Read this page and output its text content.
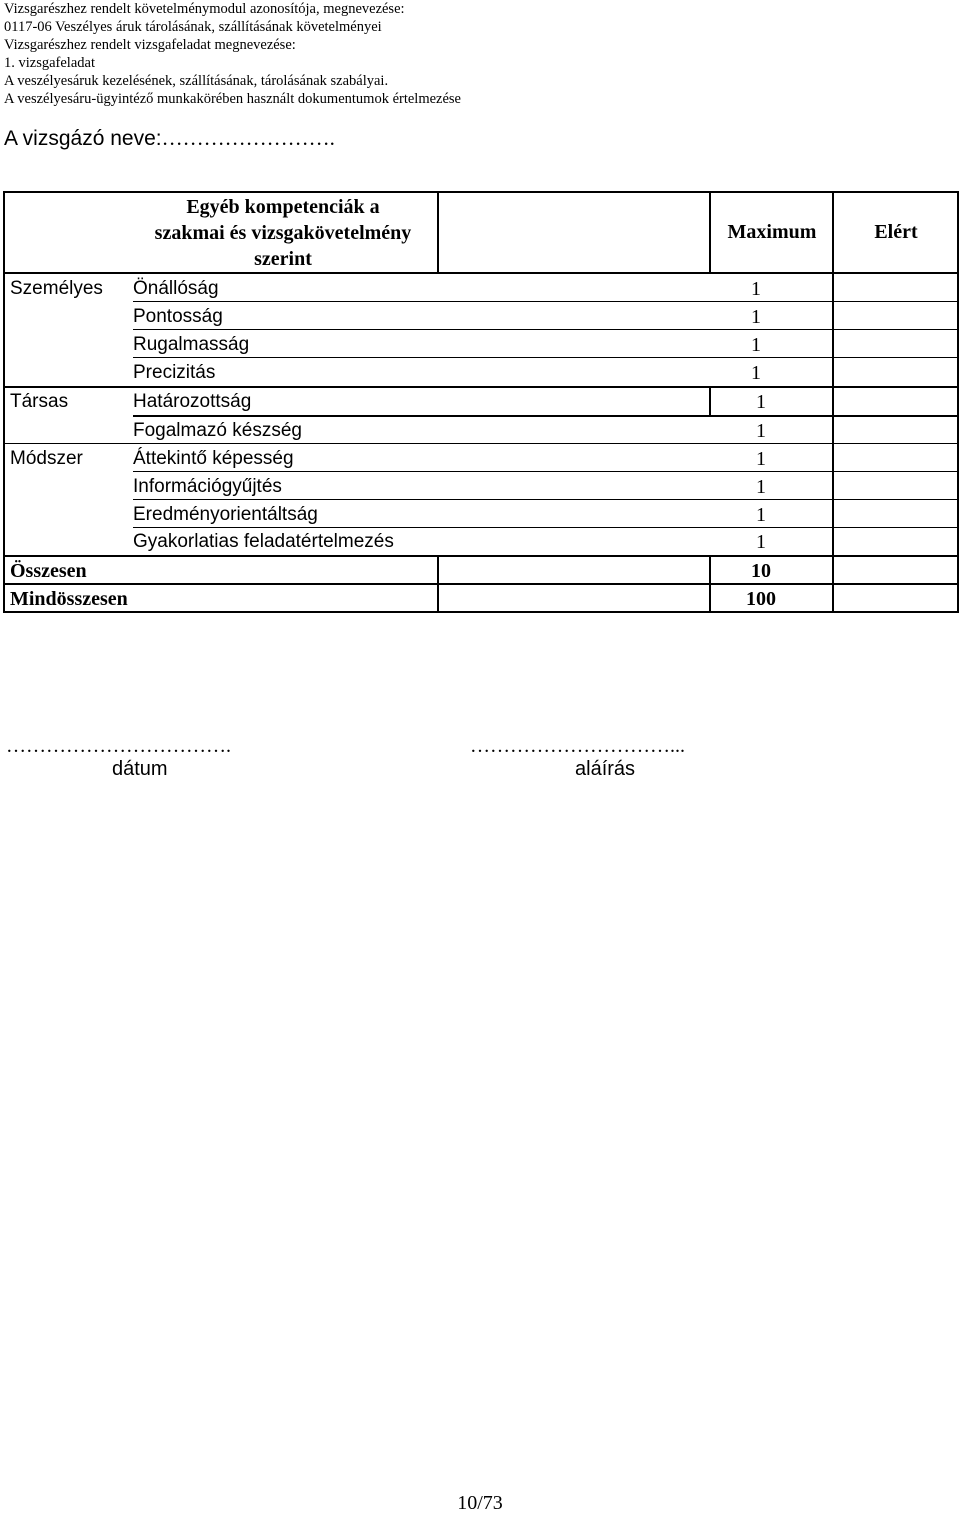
Vizsgarészhez rendelt követelménymodul azonosítója, megnevezése:
0117-06 Veszélyes áruk tárolásának, szállításának követelményei
Vizsgarészhez rendelt vizsgafeladat megnevezése:
1. vizsgafeladat
A veszélyesáruk kezelésének, szállításának, tárolásának szabályai.
A veszélyesáru-ügyintéző munkakörében használt dokumentumok értelmezése
A vizsgázó neve:…………………….
Egyéb kompetenciák a
szakmai és vizsgakövetelmény
szerint
Maximum	Elért
Személyes Önállóság	1
Pontosság	1
Rugalmasság	1
Precizitás	1
Társas	Határozottság	1
Fogalmazó készség	1
Módszer	Áttekintő képesség	1
Információgyűjtés	1
Eredményorientáltság	1
Gyakorlatias feladatértelmezés	1
Összesen	10
Mindösszesen	100
…………………………….
dátum
…………………………...
aláírás
10/73
